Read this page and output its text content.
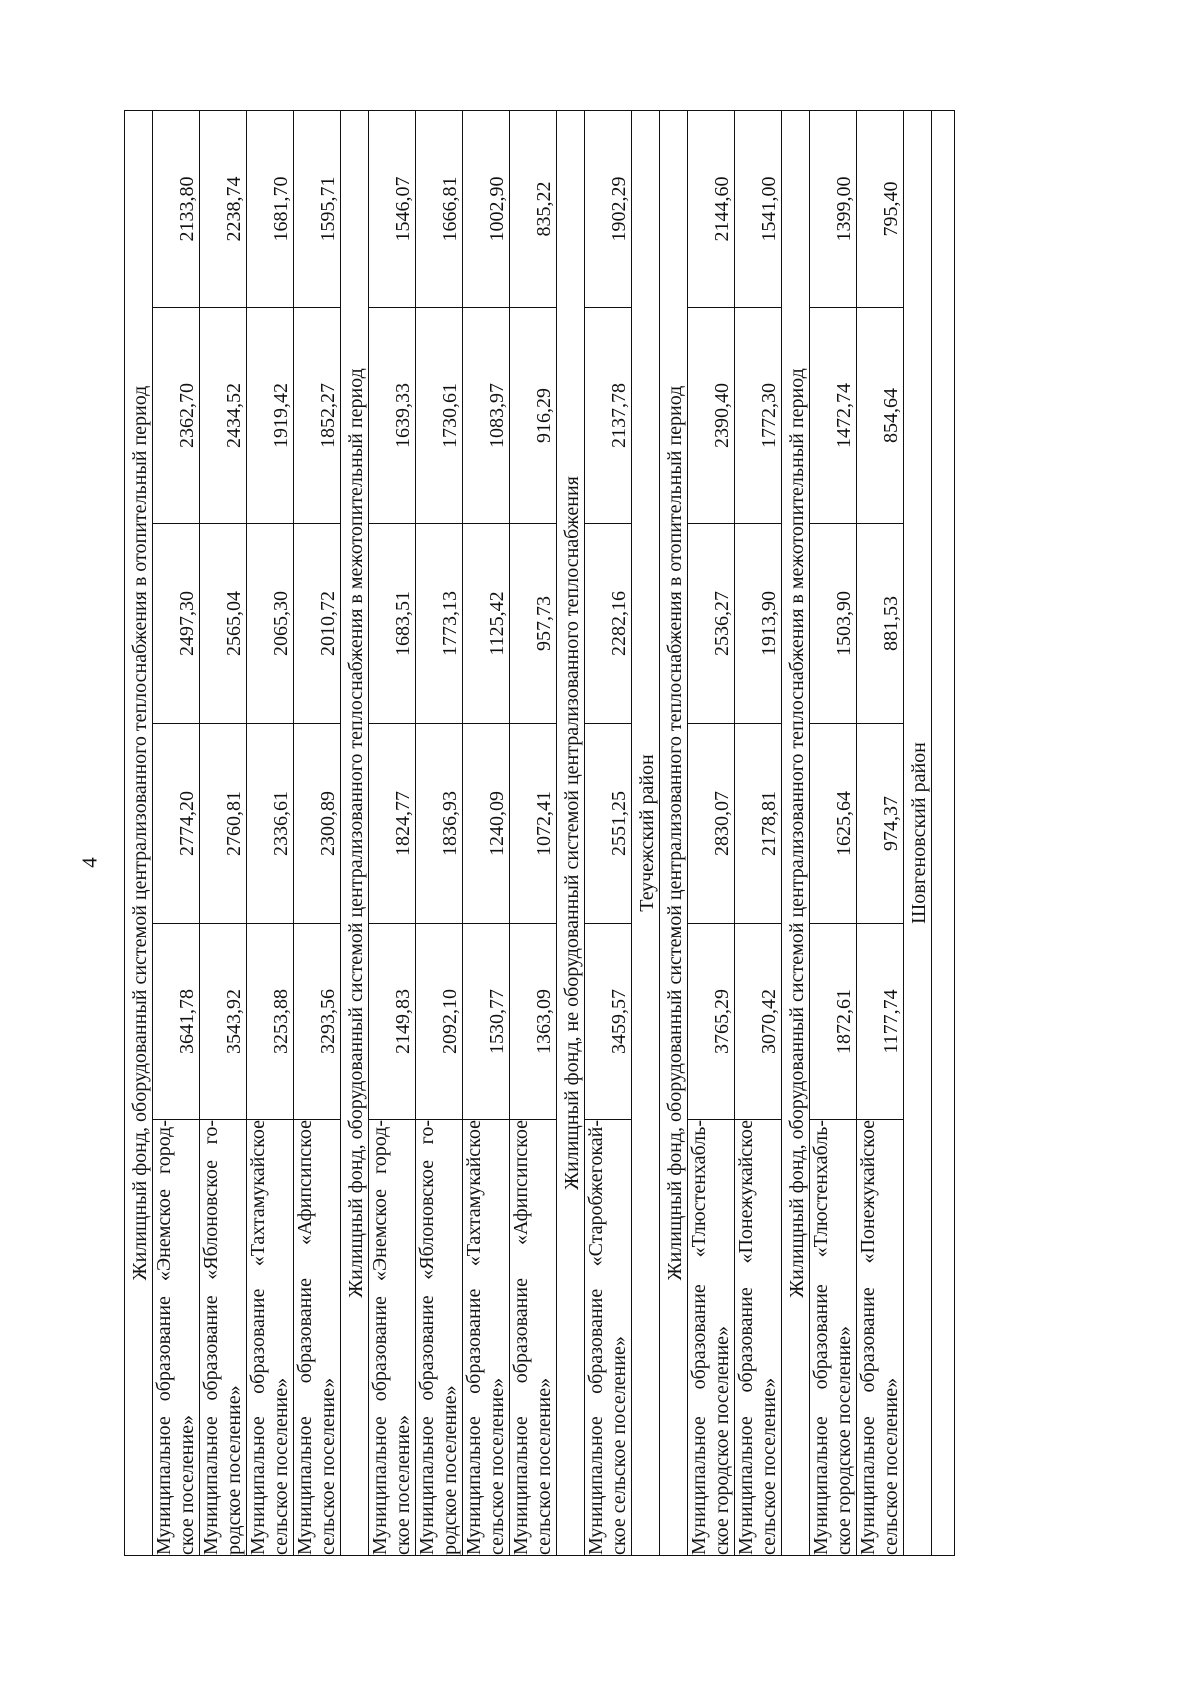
4 Жилищный фонд, оборудованный системой централизованного теплоснабжения в отопительный период					

Муниципальное образование «Энемское город- ское поселение»	3641,78	2774,20	2497,30	2362,70	2133,80

Муниципальное образование «Яблоновское го- родское поселение»	3543,92	2760,81	2565,04	2434,52	2238,74

Муниципальное образование «Тахтамукайское сельское поселение»	3253,88	2336,61	2065,30	1919,42	1681,70

Муниципальное образование «Афипсипское сельское поселение»	3293,56	2300,89	2010,72	1852,27	1595,71
Жилищный фонд, оборудованный системой централизованного теплоснабжения в межотопительный период					

Муниципальное образование «Энемское город- ское поселение»	2149,83	1824,77	1683,51	1639,33	1546,07

Муниципальное образование «Яблоновское го- родское поселение»	2092,10	1836,93	1773,13	1730,61	1666,81

Муниципальное образование «Тахтамукайское сельское поселение»	1530,77	1240,09	1125,42	1083,97	1002,90

Муниципальное образование «Афипсипское сельское поселение»	1363,09	1072,41	957,73	916,29	835,22
Жилищный фонд, не оборудованный системой централизованного теплоснабжения					

Муниципальное образование «Старобжегокай- ское сельское поселение»	3459,57	2551,25	2282,16	2137,78	1902,29
Теучежский район					
Жилищный фонд, оборудованный системой централизованного теплоснабжения в отопительный период					

Муниципальное образование «Тлюстенхабль- ское городское поселение»	3765,29	2830,07	2536,27	2390,40	2144,60

Муниципальное образование «Понежукайское сельское поселение»	3070,42	2178,81	1913,90	1772,30	1541,00
Жилищный фонд, оборудованный системой централизованного теплоснабжения в межотопительный период					

Муниципальное образование «Тлюстенхабль- ское городское поселение»	1872,61	1625,64	1503,90	1472,74	1399,00

Муниципальное образование «Понежукайское сельское поселение»	1177,74	974,37	881,53	854,64	795,40
Шовгеновский район					
